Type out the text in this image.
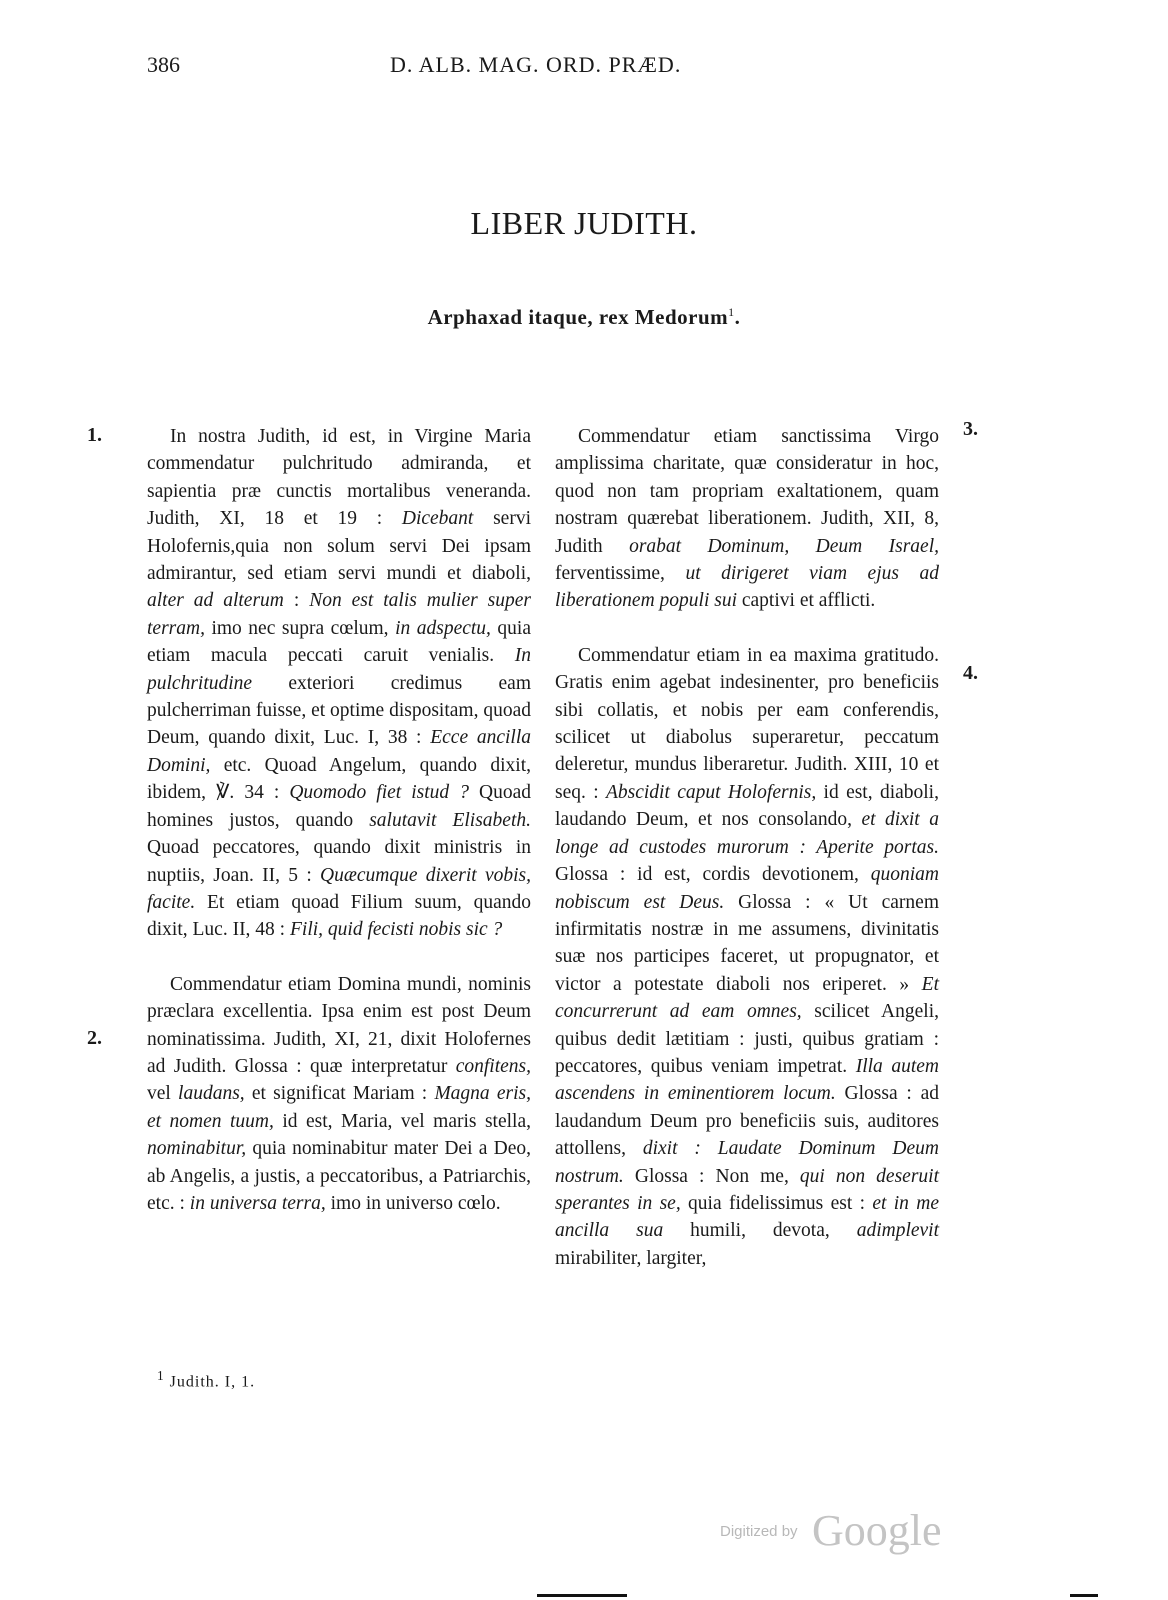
386	D. ALB. MAG. ORD. PRÆD.
LIBER JUDITH.
Arphaxad itaque, rex Medorum$^1$.
1.
2.
3.
4.

In nostra Judith, id est, in Virgine Maria commendatur pulchritudo admiranda, et sapientia præ cunctis mortalibus veneranda. Judith, XI, 18 et 19 : Dicebant servi Holofernis,quia non solum servi Dei ipsam admirantur, sed etiam servi mundi et diaboli, alter ad alterum : Non est talis mulier super terram, imo nec supra cœlum, in adspectu, quia etiam macula peccati caruit venialis. In pulchritudine exteriori credimus eam pulcherriman fuisse, et optime dispositam, quoad Deum, quando dixit, Luc. I, 38 : Ecce ancilla Domini, etc. Quoad Angelum, quando dixit, ibidem, ℣. 34 : Quomodo fiet istud ? Quoad homines justos, quando salutavit Elisabeth. Quoad peccatores, quando dixit ministris in nuptiis, Joan. II, 5 : Quæcumque dixerit vobis, facite. Et etiam quoad Filium suum, quando dixit, Luc. II, 48 : Fili, quid fecisti nobis sic ?

Commendatur etiam Domina mundi, nominis præclara excellentia. Ipsa enim est post Deum nominatissima. Judith, XI, 21, dixit Holofernes ad Judith. Glossa : quæ interpretatur confitens, vel laudans, et significat Mariam : Magna eris, et nomen tuum, id est, Maria, vel maris stella, nominabitur, quia nominabitur mater Dei a Deo, ab Angelis, a justis, a peccatoribus, a Patriarchis, etc. : in universa terra, imo in universo cœlo.

Commendatur etiam sanctissima Virgo amplissima charitate, quæ consideratur in hoc, quod non tam propriam exaltationem, quam nostram quærebat liberationem. Judith, XII, 8, Judith orabat Dominum, Deum Israel, ferventissime, ut dirigeret viam ejus ad liberationem populi sui captivi et afflicti.

Commendatur etiam in ea maxima gratitudo. Gratis enim agebat indesinenter, pro beneficiis sibi collatis, et nobis per eam conferendis, scilicet ut diabolus superaretur, peccatum deleretur, mundus liberaretur. Judith. XIII, 10 et seq. : Abscidit caput Holofernis, id est, diaboli, laudando Deum, et nos consolando, et dixit a longe ad custodes murorum : Aperite portas. Glossa : id est, cordis devotionem, quoniam nobiscum est Deus. Glossa : « Ut carnem infirmitatis nostræ in me assumens, divinitatis suæ nos participes faceret, ut propugnator, et victor a potestate diaboli nos eriperet. » Et concurrerunt ad eam omnes, scilicet Angeli, quibus dedit lætitiam : justi, quibus gratiam : peccatores, quibus veniam impetrat. Illa autem ascendens in eminentiorem locum. Glossa : ad laudandum Deum pro beneficiis suis, auditores attollens, dixit : Laudate Dominum Deum nostrum. Glossa : Non me, qui non deseruit sperantes in se, quia fidelissimus est : et in me ancilla sua humili, devota, adimplevit mirabiliter, largiter,

$^1$ Judith. I, 1.
Digitized by Google
